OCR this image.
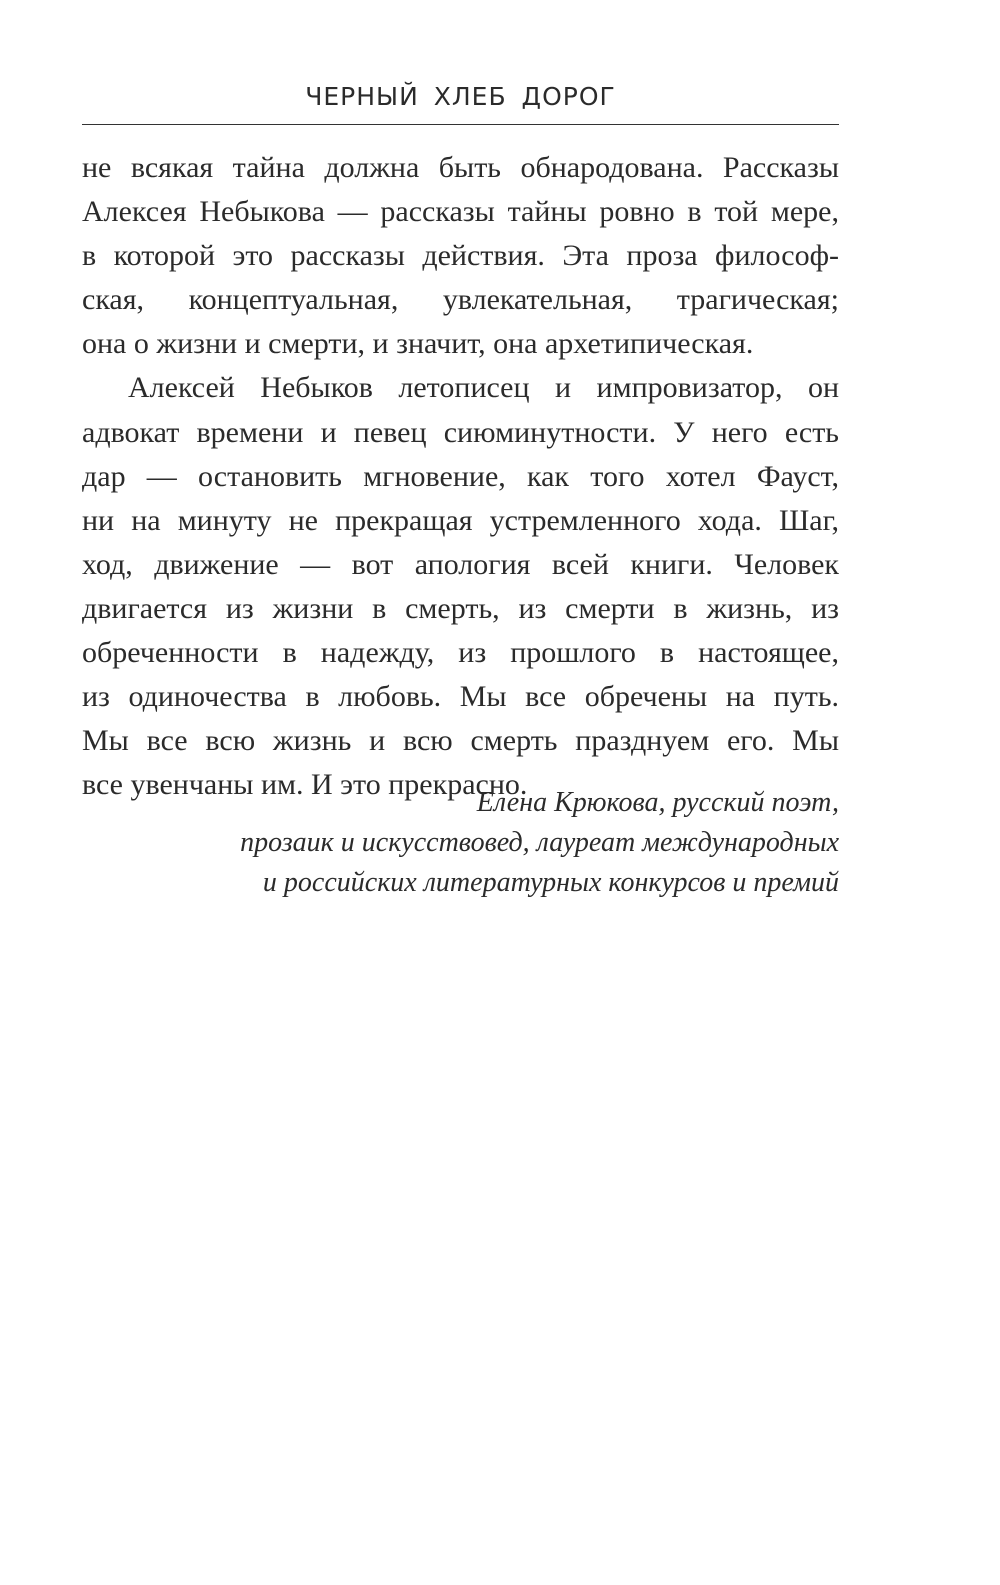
ЧЕРНЫЙ ХЛЕБ ДОРОГ

не всякая тайна должна быть обнародована. Рассказы
Алексея Небыкова — рассказы тайны ровно в той мере,
в которой это рассказы действия. Эта проза философ-
ская, концептуальная, увлекательная, трагическая;
она о жизни и смерти, и значит, она архетипическая.

Алексей Небыков летописец и импровизатор, он
адвокат времени и певец сиюминутности. У него есть
дар — остановить мгновение, как того хотел Фауст,
ни на минуту не прекращая устремленного хода. Шаг,
ход, движение — вот апология всей книги. Человек
двигается из жизни в смерть, из смерти в жизнь, из
обреченности в надежду, из прошлого в настоящее,
из одиночества в любовь. Мы все обречены на путь.
Мы все всю жизнь и всю смерть празднуем его. Мы
все увенчаны им. И это прекрасно.

Елена Крюкова, русский поэт,
прозаик и искусствовед, лауреат международных
и российских литературных конкурсов и премий
